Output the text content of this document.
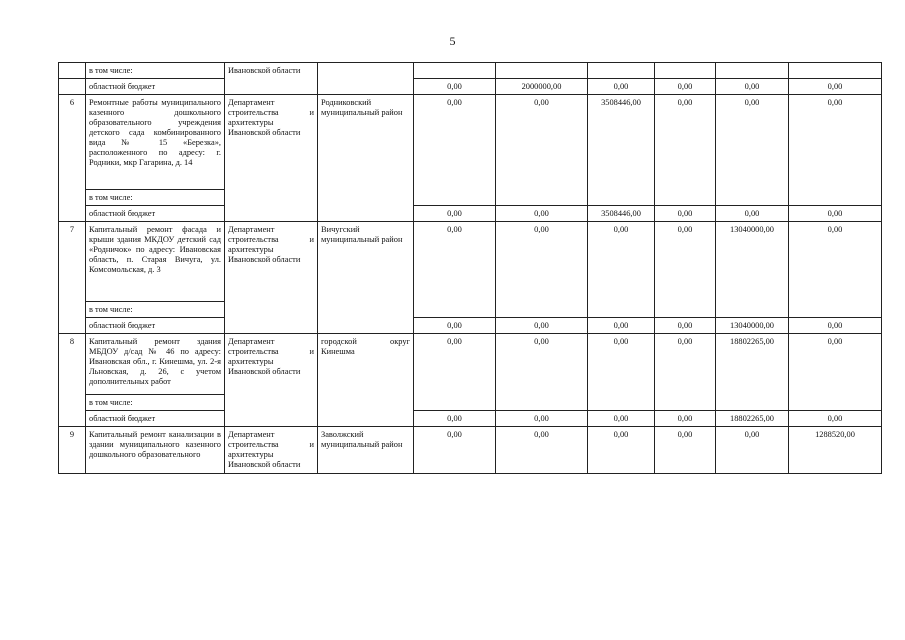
5
	в том числе:	Ивановской области							
	областной бюджет			0,00	2000000,00	0,00	0,00	0,00	0,00
6	Ремонтные работы муниципального казенного дошкольного образовательного учреждения детского сада комбинированного вида № 15 «Березка», расположенного по адресу: г. Родники, мкр Гагарина, д. 14	Департамент строительства и архитектуры Ивановской области	Родниковский муниципальный район	0,00	0,00	3508446,00	0,00	0,00	0,00
	в том числе:								
	областной бюджет			0,00	0,00	3508446,00	0,00	0,00	0,00
7	Капитальный ремонт фасада и крыши здания МКДОУ детский сад «Родничок» по адресу: Ивановская область, п. Старая Вичуга, ул. Комсомольская, д. 3	Департамент строительства и архитектуры Ивановской области	Вичугский муниципальный район	0,00	0,00	0,00	0,00	13040000,00	0,00
	в том числе:								
	областной бюджет			0,00	0,00	0,00	0,00	13040000,00	0,00
8	Капитальный ремонт здания МБДОУ д/сад № 46 по адресу: Ивановская обл., г. Кинешма, ул. 2-я Льновская, д. 26, с учетом дополнительных работ	Департамент строительства и архитектуры Ивановской области	городской округ Кинешма	0,00	0,00	0,00	0,00	18802265,00	0,00
	в том числе:								
	областной бюджет			0,00	0,00	0,00	0,00	18802265,00	0,00
9	Капитальный ремонт канализации в здании муниципального казенного дошкольного образовательного	Департамент строительства и архитектуры Ивановской области	Заволжский муниципальный район	0,00	0,00	0,00	0,00	0,00	1288520,00
